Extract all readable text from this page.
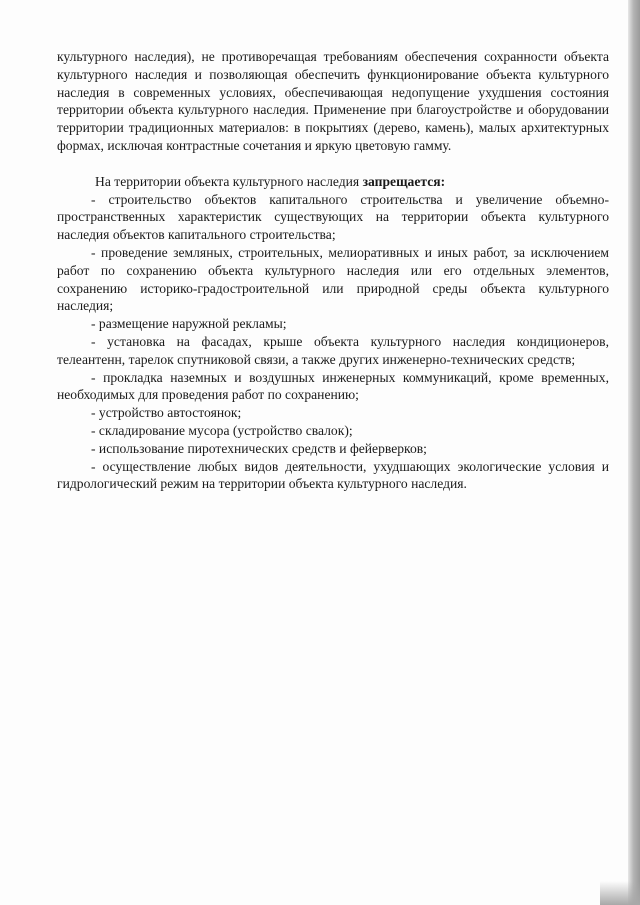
культурного наследия), не противоречащая требованиям обеспечения сохранности объекта культурного наследия и позволяющая обеспечить функционирование объекта культурного наследия в современных условиях, обеспечивающая недопущение ухудшения состояния территории объекта культурного наследия. Применение при благоустройстве и оборудовании территории традиционных материалов: в покрытиях (дерево, камень), малых архитектурных формах, исключая контрастные сочетания и яркую цветовую гамму.

На территории объекта культурного наследия запрещается:

- строительство объектов капитального строительства и увеличение объемно-пространственных характеристик существующих на территории объекта культурного наследия объектов капитального строительства;

- проведение земляных, строительных, мелиоративных и иных работ, за исключением работ по сохранению объекта культурного наследия или его отдельных элементов, сохранению историко-градостроительной или природной среды объекта культурного наследия;

- размещение наружной рекламы;

- установка на фасадах, крыше объекта культурного наследия кондиционеров, телеантенн, тарелок спутниковой связи, а также других инженерно-технических средств;

- прокладка наземных и воздушных инженерных коммуникаций, кроме временных, необходимых для проведения работ по сохранению;

- устройство автостоянок;

- складирование мусора (устройство свалок);

- использование пиротехнических средств и фейерверков;

- осуществление любых видов деятельности, ухудшающих экологические условия и гидрологический режим на территории объекта культурного наследия.
